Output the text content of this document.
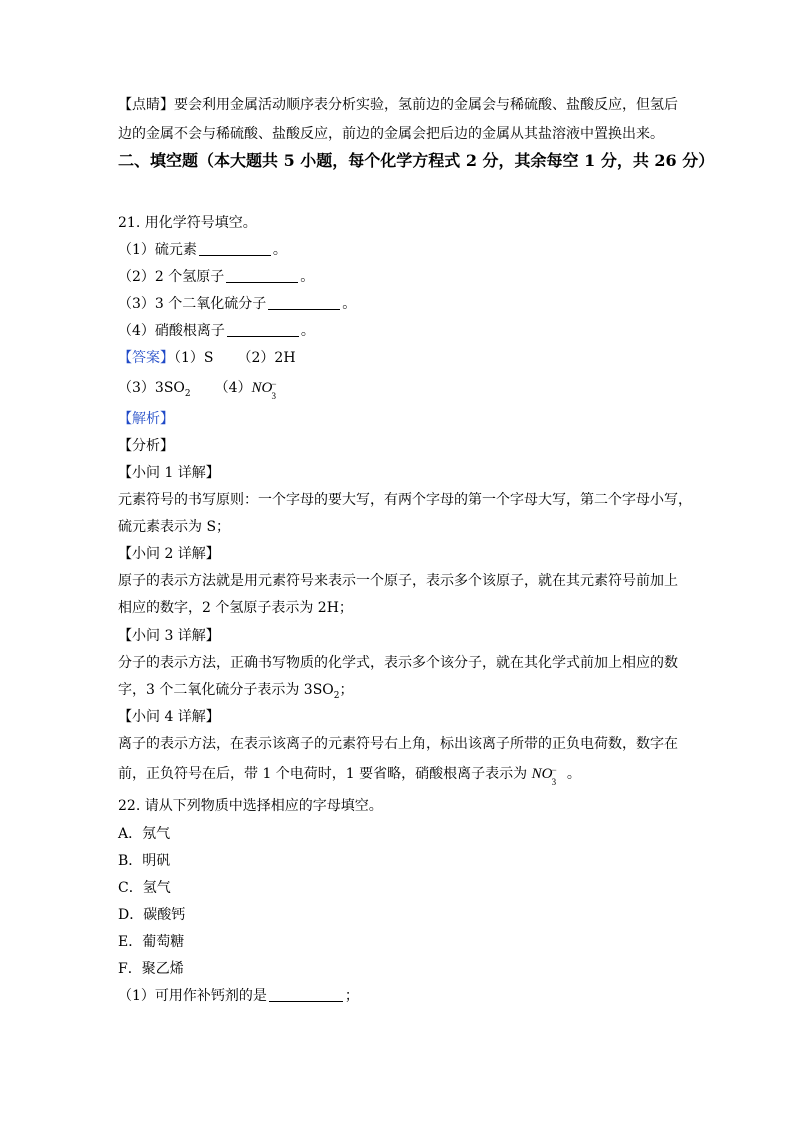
【点睛】要会利用金属活动顺序表分析实验，氢前边的金属会与稀硫酸、盐酸反应，但氢后
边的金属不会与稀硫酸、盐酸反应，前边的金属会把后边的金属从其盐溶液中置换出来。
二、填空题（本大题共 5 小题，每个化学方程式 2 分，其余每空 1 分，共 26 分）
21. 用化学符号填空。
（1）硫元素	。
（2）2 个氢原子	。
（3）3 个二氧化硫分子	。
（4）硝酸根离子	。
【答案】（1）S （2）2H
$(3)3SO_2$ （4）NO −
3
【解析】
【分析】
【小问 1 详解】
元素符号的书写原则：一个字母的要大写，有两个字母的第一个字母大写，第二个字母小写，
硫元素表示为 S；
【小问 2 详解】
原子的表示方法就是用元素符号来表示一个原子，表示多个该原子，就在其元素符号前加上
相应的数字，2 个氢原子表示为 2H；
【小问 3 详解】
分子的表示方法，正确书写物质的化学式，表示多个该分子，就在其化学式前加上相应的数
字，3 个二氧化硫分子表示为 $3SO_2$；
【小问 4 详解】
离子的表示方法，在表示该离子的元素符号右上角，标出该离子所带的正负电荷数，数字在
前，正负符号在后，带 1 个电荷时，1 要省略，硝酸根离子表示为 NO −
3 。
22. 请从下列物质中选择相应的字母填空。
A．氖气
B．明矾
C．氢气
D．碳酸钙
E．葡萄糖
F．聚乙烯
（1）可用作补钙剂的是	；
